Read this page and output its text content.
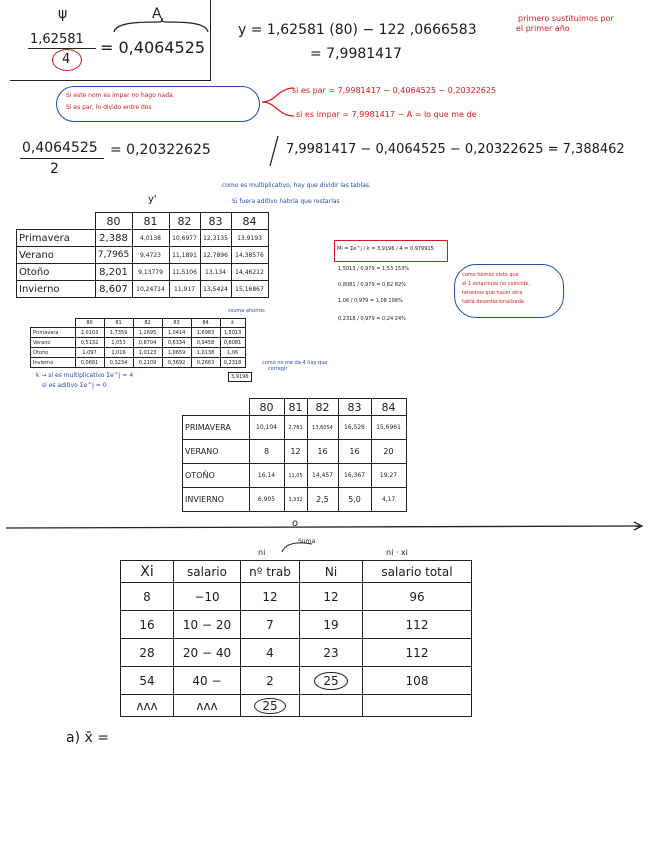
ψ	A
1,62581
4
= 0,4064525
y = 1,62581 (80) − 122 ,0666583
= 7,9981417
primero sustituimos por
el primer año
Si este nom es impar no hago nada.
Si es par, lo divido entre dos
si es par = 7,9981417 − 0,4064525 − 0,20322625
si es impar = 7,9981417 − A = lo que me de
0,4064525
2
= 0,20322625	7,9981417 − 0,4064525 − 0,20322625 = 7,388462
como es multiplicativo, hay que dividir las tablas.
Si fuera aditivo habría que restarlas
y'
	80	81	82	83	84
Primavera	2,388	4,0138	10,6977	12,3135	13,9193
Verano	7,7965	9,4723	11,1891	12,7896	14,38576
Otoño	8,201	9,13779	11,5106	13,134	14,46212
Invierno	8,607	10,24714	11,917	13,5424	15,16867
	80	81	82	83	84	x̄
Primavera	2,0103	1,7359	1,2695	1,0414	1,6983	1,5013
Verano	0,5132	1,053	0,8704	0,6334	0,9458	0,8081
Otoño	1,097	1,016	1,0123	1,0659	1,0138	1,06
Invierno	0,0681	0,3234	0,2109	0,3692	0,2663	0,2318
3,9196
ssuma ahorros
como no me da 4 hay que
corregir
k → si es multiplicativo Σe^j = 4
si es aditivo Σe^j = 0
Mi = Σe^j / k = 3,9196 / 4 = 0,979915
1,5013 / 0,979 = 1,53 153%
0,8081 / 0,979 = 0,82 82%
1,06 / 0,979 = 1,08 108%
0,2318 / 0,979 = 0,24 24%
como hemos visto que
el 1 estacional no coincide,
tenemos que hacer otra
tabla desestacionalizada
	80	81	82	83	84
PRIMAVERA	10,104	2,781	13,6054	16,526	15,6961
VERANO	8	12	16	16	20
OTOÑO	16,14	11,05	14,457	16,367	19,27
INVIERNO	6,905	3,332	2,5	5,0	4,17
o
ni
Suma
ni · xi
Xi	salario	nº trab	Ni	salario total
8	−10	12	12	96
16	10 − 20	7	19	112
28	20 − 40	4	23	112
54	40 −	2	25	108
ᴧᴧᴧ	ᴧᴧᴧ	25		
a) x̄ =
